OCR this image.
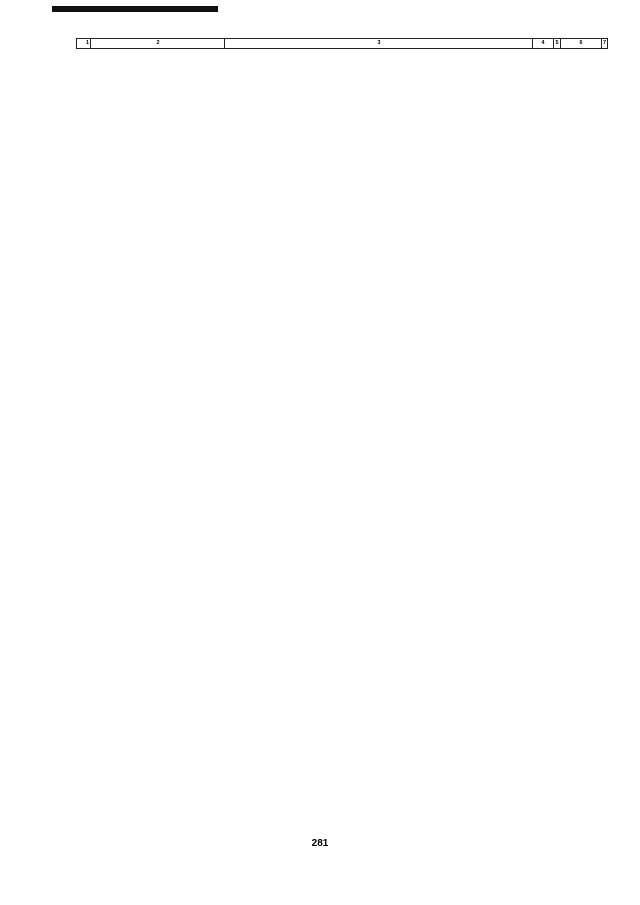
1	2	3	4	5	6	7
281
